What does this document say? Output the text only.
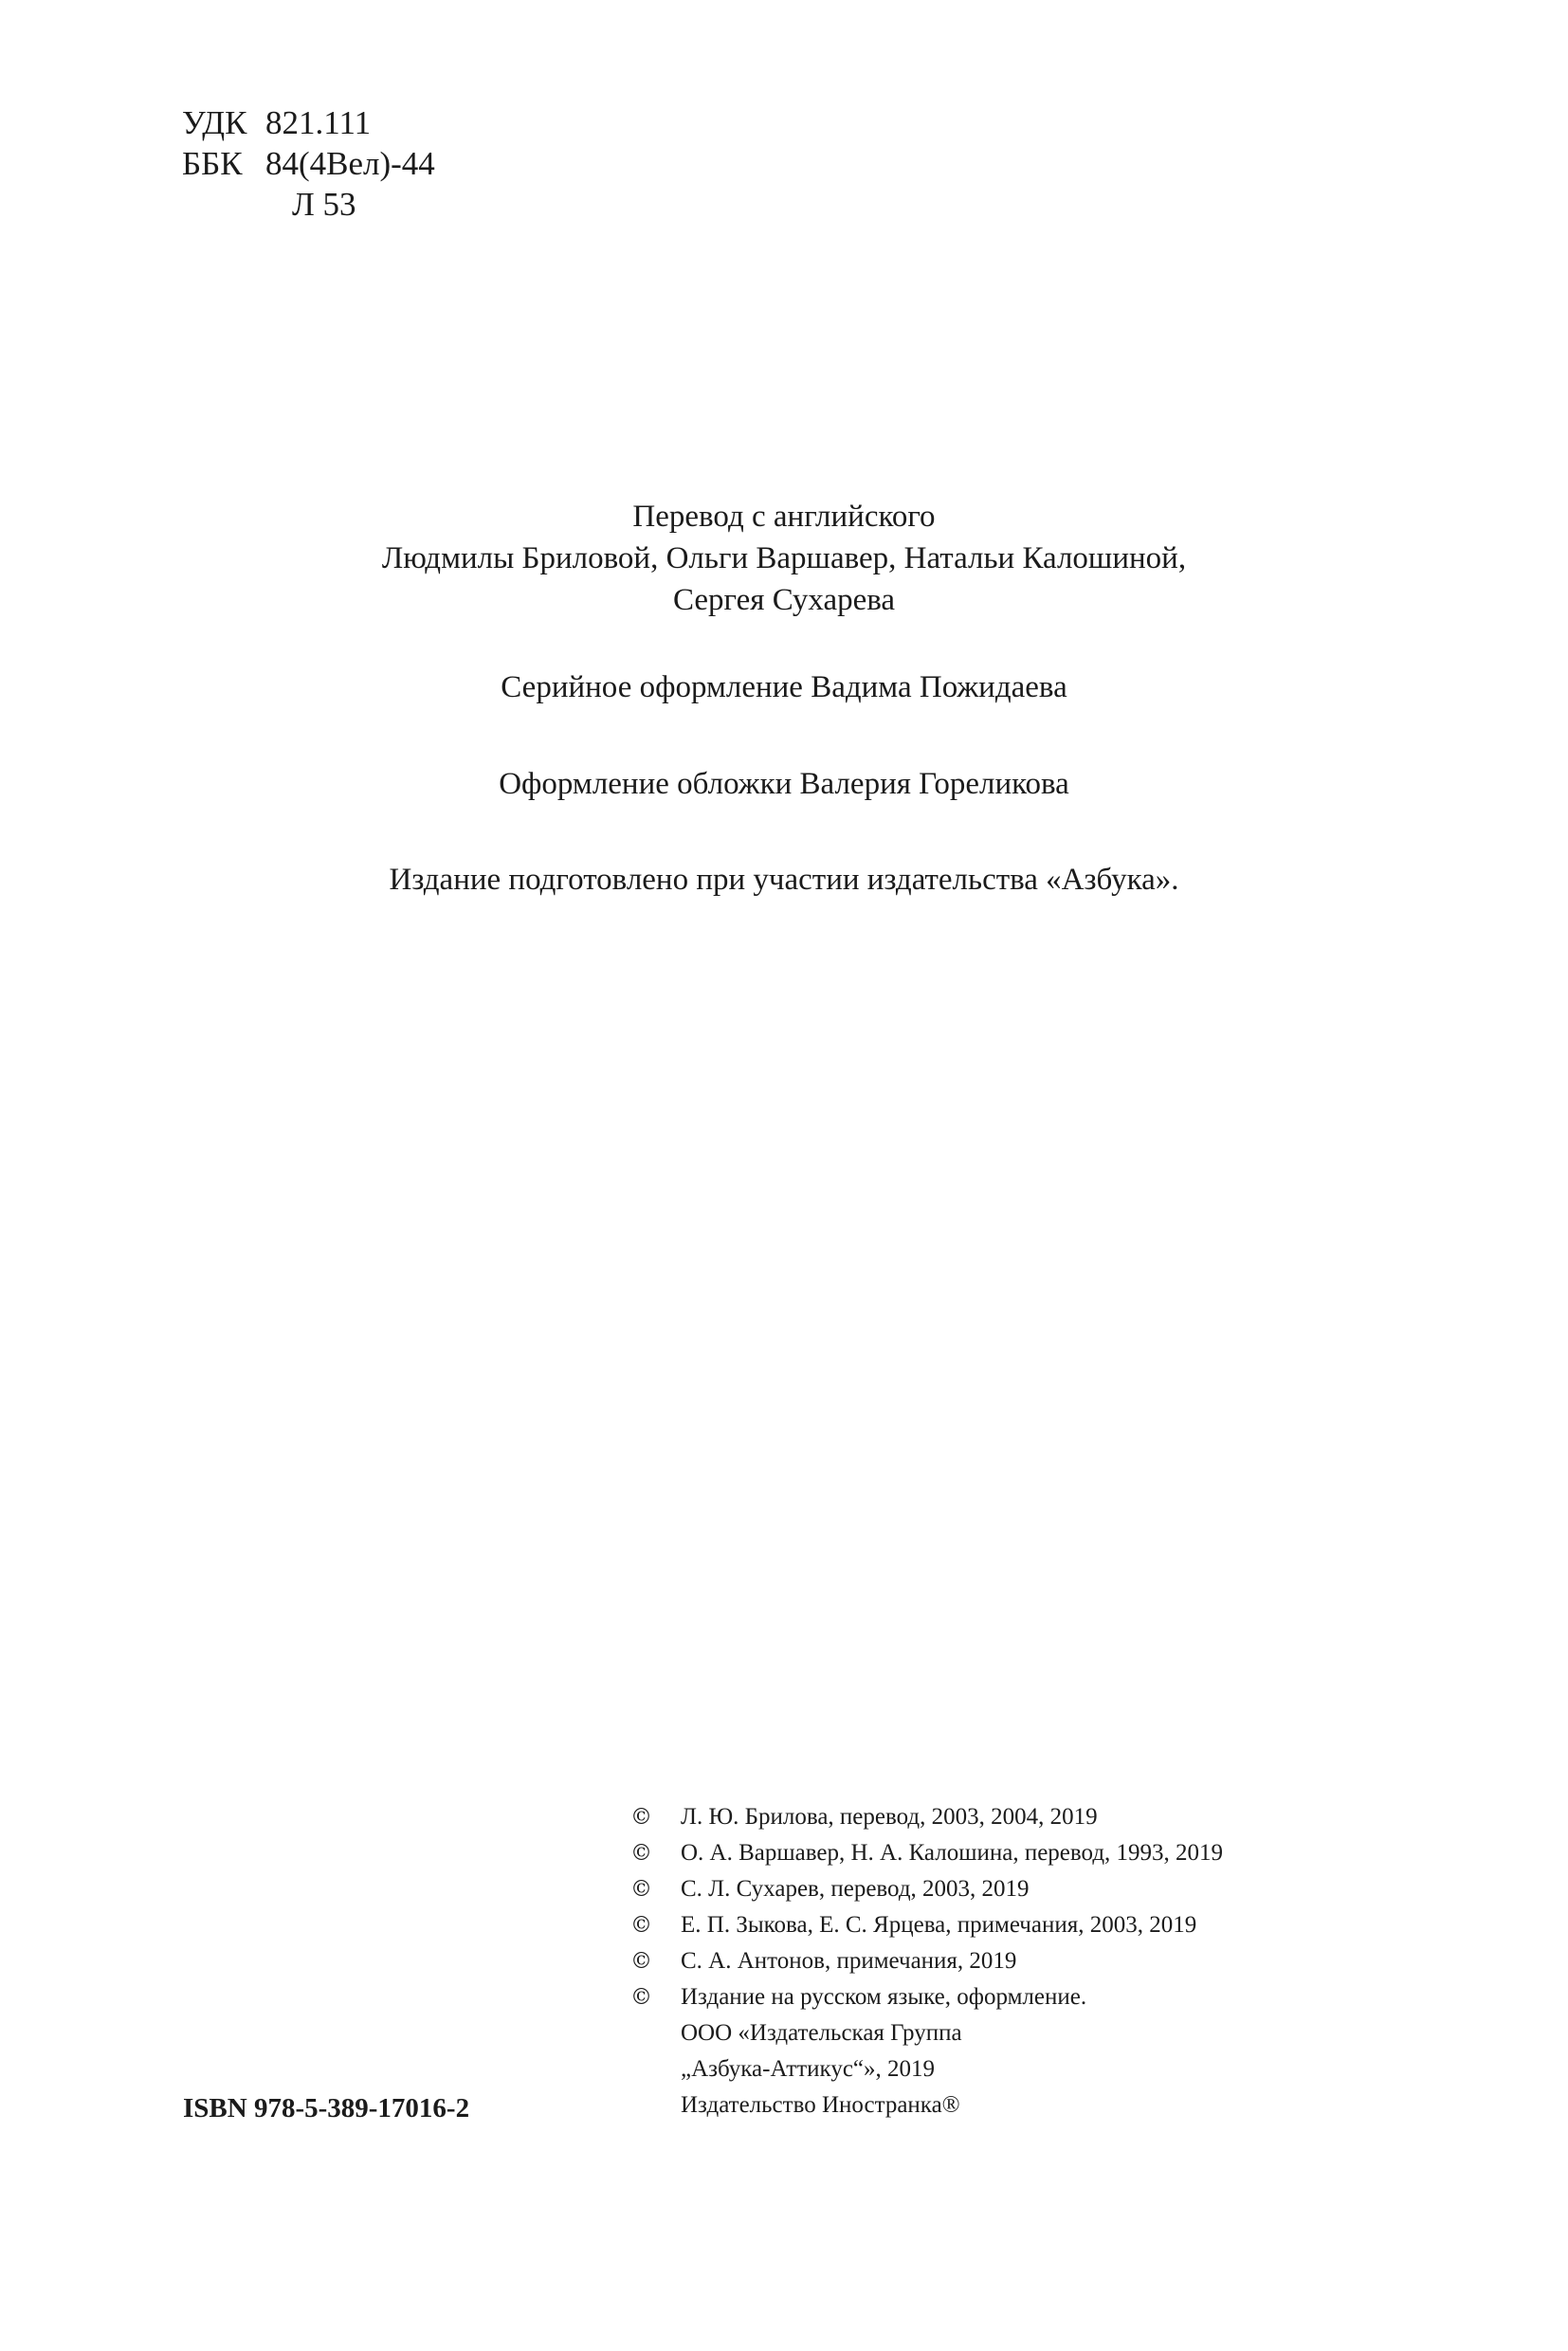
УДК 821.111
ББК 84(4Вел)-44
Л 53
Перевод с английского
Людмилы Бриловой, Ольги Варшавер, Натальи Калошиной,
Сергея Сухарева
Серийное оформление Вадима Пожидаева
Оформление обложки Валерия Гореликова
Издание подготовлено при участии издательства «Азбука».
ISBN 978-5-389-17016-2
©	Л. Ю. Брилова, перевод, 2003, 2004, 2019
©	О. А. Варшавер, Н. А. Калошина, перевод, 1993, 2019
©	С. Л. Сухарев, перевод, 2003, 2019
©	Е. П. Зыкова, Е. С. Ярцева, примечания, 2003, 2019
©	С. А. Антонов, примечания, 2019
©	Издание на русском языке, оформление.
ООО «Издательская Группа
„Азбука-Аттикус“», 2019
Издательство Иностранка®
